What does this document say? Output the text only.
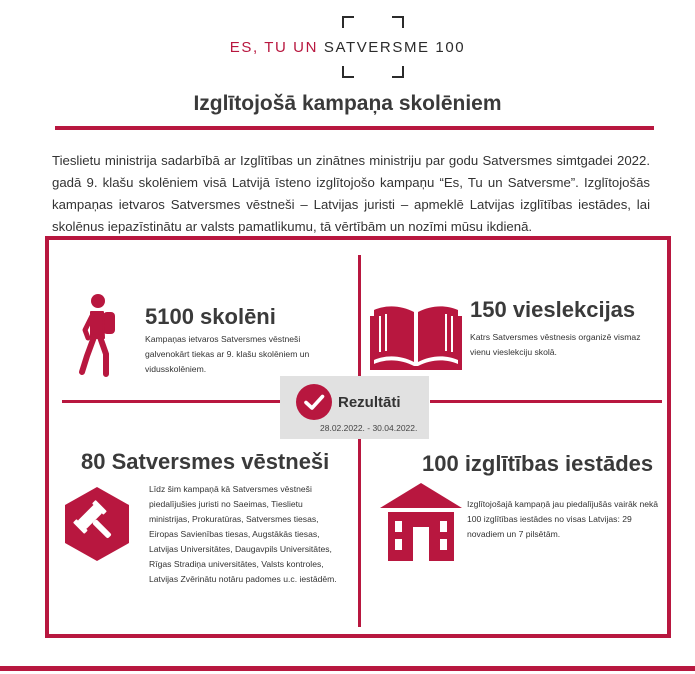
ES, TU UN SATVERSME 100
Izglītojošā kampaņa skolēniem
Tieslietu ministrija sadarbībā ar Izglītības un zinātnes ministriju par godu Satversmes simtgadei 2022. gadā 9. klašu skolēniem visā Latvijā īsteno izglītojošo kampaņu “Es, Tu un Satversme”. Izglītojošās kampaņas ietvaros Satversmes vēstneši – Latvijas juristi – apmeklē Latvijas izglītības iestādes, lai skolēnus iepazīstinātu ar valsts pamatlikumu, tā vērtībām un nozīmi mūsu ikdienā.
Rezultāti
28.02.2022. - 30.04.2022.
5100 skolēni
Kampaņas ietvaros Satversmes vēstneši galvenokārt tiekas ar 9. klašu skolēniem un vidusskolēniem.
150 vieslekcijas
Katrs Satversmes vēstnesis organizē vismaz vienu vieslekciju skolā.
80 Satversmes vēstneši
Līdz šim kampaņā kā Satversmes vēstneši piedalījušies juristi no Saeimas, Tieslietu ministrijas, Prokuratūras, Satversmes tiesas, Eiropas Savienības tiesas, Augstākās tiesas, Latvijas Universitātes, Daugavpils Universitātes, Rīgas Stradiņa universitātes, Valsts kontroles, Latvijas Zvērinātu notāru padomes u.c. iestādēm.
100 izglītības iestādes
Izglītojošajā kampaņā jau piedalījušās vairāk nekā 100 izglītības iestādes no visas Latvijas: 29 novadiem un 7 pilsētām.
